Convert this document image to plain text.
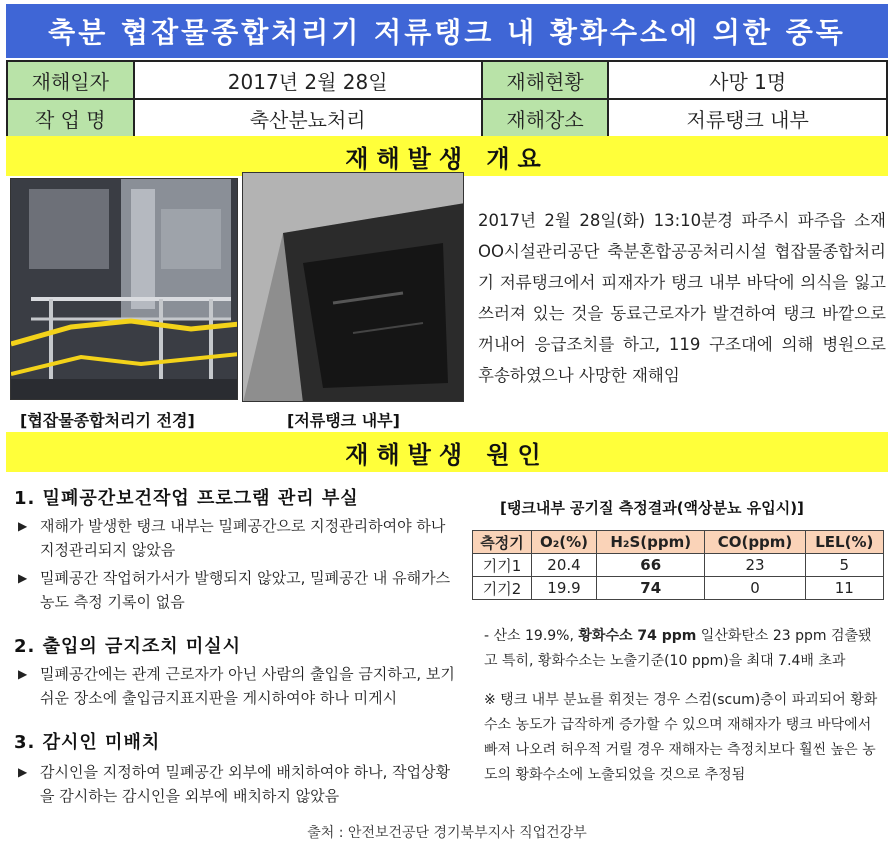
축분 협잡물종합처리기 저류탱크 내 황화수소에 의한 중독
재해일자	2017년 2월 28일	재해현황	사망 1명
작 업 명	축산분뇨처리	재해장소	저류탱크 내부
재해발생 개요
[협잡물종합처리기 전경]	[저류탱크 내부]
2017년 2월 28일(화) 13:10분경 파주시 파주읍 소재 OO시설관리공단 축분혼합공공처리시설 협잡물종합처리기 저류탱크에서 피재자가 탱크 내부 바닥에 의식을 잃고 쓰러져 있는 것을 동료근로자가 발견하여 탱크 바깥으로 꺼내어 응급조치를 하고, 119 구조대에 의해 병원으로 후송하였으나 사망한 재해임
재해발생 원인
1. 밀폐공간보건작업 프로그램 관리 부실
▶ 재해가 발생한 탱크 내부는 밀폐공간으로 지정관리하여야 하나 지정관리되지 않았음
▶ 밀폐공간 작업허가서가 발행되지 않았고, 밀폐공간 내 유해가스 농도 측정 기록이 없음
2. 출입의 금지조치 미실시
▶ 밀폐공간에는 관계 근로자가 아닌 사람의 출입을 금지하고, 보기 쉬운 장소에 출입금지표지판을 게시하여야 하나 미게시
3. 감시인 미배치
▶ 감시인을 지정하여 밀폐공간 외부에 배치하여야 하나, 작업상황을 감시하는 감시인을 외부에 배치하지 않았음
[탱크내부 공기질 측정결과(액상분뇨 유입시)]
측정기	O₂(%)	H₂S(ppm)	CO(ppm)	LEL(%)
기기1	20.4	66	23	5
기기2	19.9	74	0	11
- 산소 19.9%, 황화수소 74 ppm 일산화탄소 23 ppm 검출됐고 특히, 황화수소는 노출기준(10 ppm)을 최대 7.4배 초과
※ 탱크 내부 분뇨를 휘젓는 경우 스컴(scum)층이 파괴되어 황화수소 농도가 급작하게 증가할 수 있으며 재해자가 탱크 바닥에서 빠져 나오려 허우적 거릴 경우 재해자는 측정치보다 훨씬 높은 농도의 황화수소에 노출되었을 것으로 추정됨
출처 : 안전보건공단 경기북부지사 직업건강부
